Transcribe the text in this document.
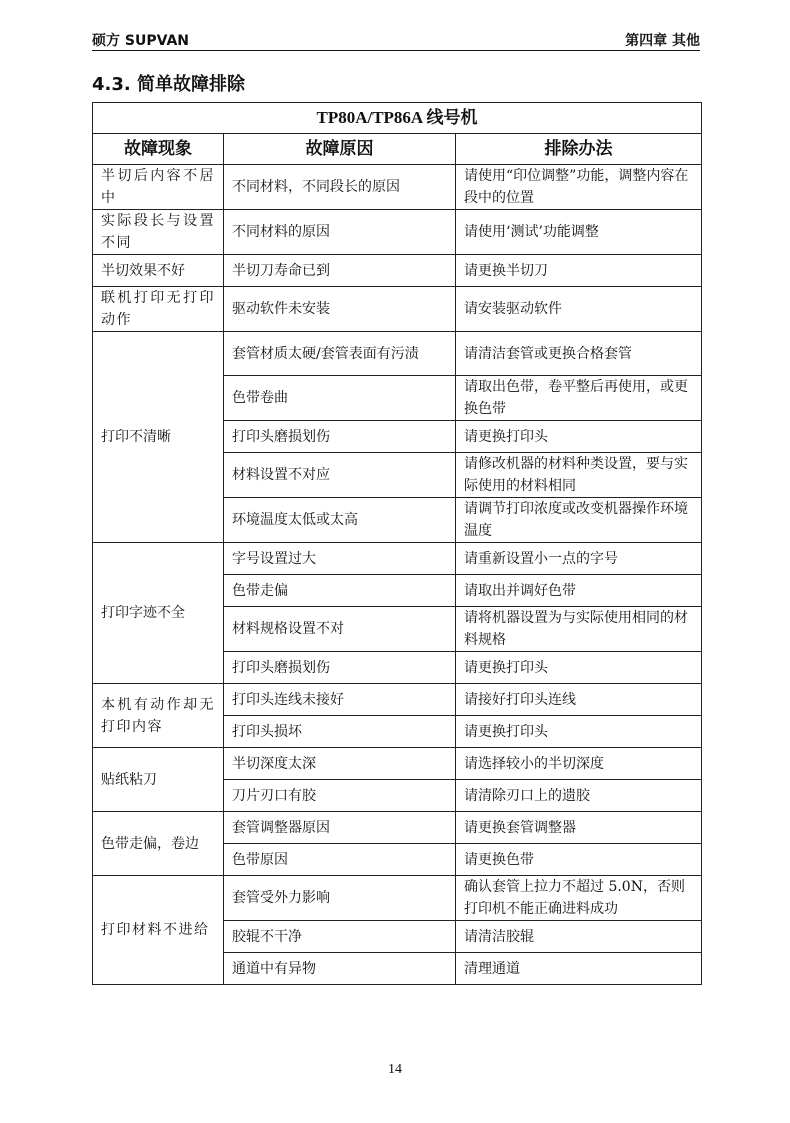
硕方 SUPVAN	第四章 其他
4.3. 简单故障排除
TP80A/TP86A 线号机		
故障现象	故障原因	排除办法
半切后内容不居中	不同材料，不同段长的原因	请使用“印位调整”功能，调整内容在段中的位置
实际段长与设置不同	不同材料的原因	请使用‘测试’功能调整
半切效果不好	半切刀寿命已到	请更换半切刀
联机打印无打印动作	驱动软件未安装	请安装驱动软件
打印不清晰	套管材质太硬/套管表面有污渍	请清洁套管或更换合格套管
	色带卷曲	请取出色带，卷平整后再使用，或更换色带
	打印头磨损划伤	请更换打印头
	材料设置不对应	请修改机器的材料种类设置，要与实际使用的材料相同
	环境温度太低或太高	请调节打印浓度或改变机器操作环境温度
打印字迹不全	字号设置过大	请重新设置小一点的字号
	色带走偏	请取出并调好色带
	材料规格设置不对	请将机器设置为与实际使用相同的材料规格
	打印头磨损划伤	请更换打印头
本机有动作却无打印内容	打印头连线未接好	请接好打印头连线
	打印头损坏	请更换打印头
贴纸粘刀	半切深度太深	请选择较小的半切深度
	刀片刃口有胶	请清除刃口上的遗胶
色带走偏，卷边	套管调整器原因	请更换套管调整器
	色带原因	请更换色带
打印材料不进给	套管受外力影响	确认套管上拉力不超过 5.0N，否则打印机不能正确进料成功
	胶辊不干净	请清洁胶辊
	通道中有异物	清理通道
14
